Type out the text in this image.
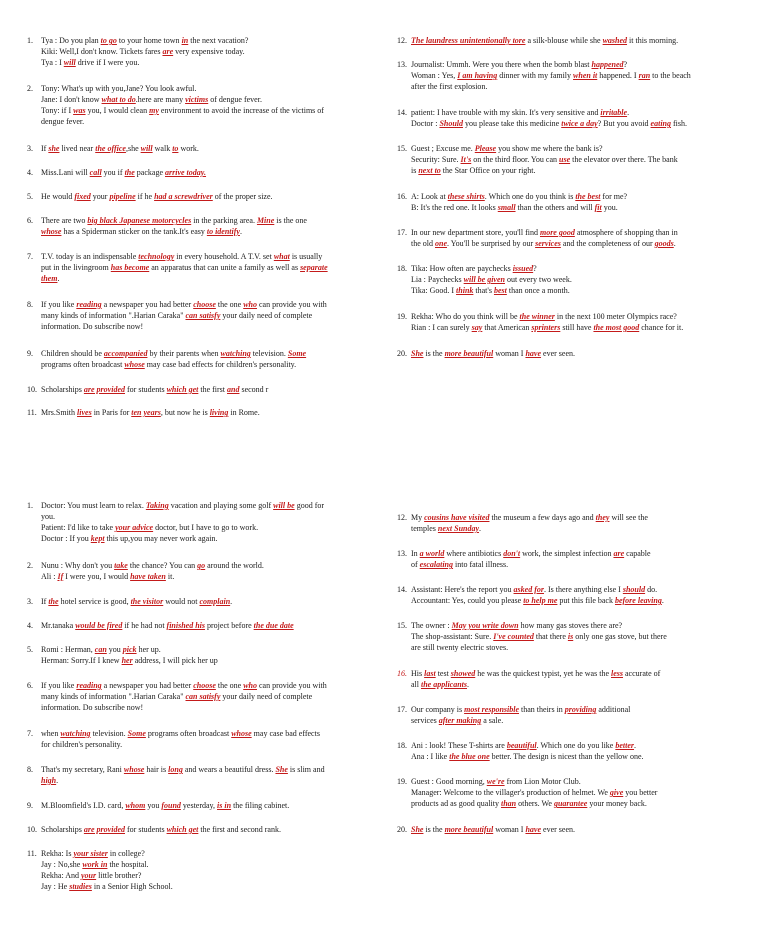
1.	Tya : Do you plan to go to your home town in the next vacation?
Kiki: Well,I don't know. Tickets fares are very expensive today.
Tya : I will drive if I were you.
2.	Tony: What's up with you,Jane? You look awful.
Jane: I don't know what to do.here are many victims of dengue fever.
Tony: if I was you, I would clean my environment to avoid the increase of the victims of
dengue fever.
3.	If she lived near the office,she will walk to work.
4.	Miss.Lani will call you if the package arrive today.
5.	He would fixed your pipeline if he had a screwdriver of the proper size.
6.	There are two big black Japanese motorcycles in the parking area. Mine is the one
whose has a Spiderman sticker on the tank.It's easy to identify.
7.	T.V. today is an indispensable technology in every household. A T.V. set what is usually
put in the livingroom has become an apparatus that can unite a family as well as separate
them.
8.	If you like reading a newspaper you had better choose the one who can provide you with
many kinds of information ".Harian Caraka" can satisfy your daily need of complete
information. Do subscribe now!
9.	Children should be accompanied by their parents when watching television. Some
programs often broadcast whose may case bad effects for children's personality.
10. Scholarships are provided for students which get the first and second r
11. Mrs.Smith lives in Paris for ten years, but now he is living in Rome.
12. The laundress unintentionally tore a silk-blouse while she washed it this morning.
13. Journalist: Ummh. Were you there when the bomb blast happened?
Woman : Yes, I am having dinner with my family when it happened. I ran to the beach
after the first explosion.
14. patient: I have trouble with my skin. It's very sensitive and irritable.
Doctor : Should you please take this medicine twice a day? But you avoid eating fish.
15. Guest ; Excuse me. Please you show me where the bank is?
Security: Sure. It's on the third floor. You can use the elevator over there. The bank
is next to the Star Office on your right.
16. A: Look at these shirts. Which one do you think is the best for me?
B: It's the red one. It looks small than the others and will fit you.
17. In our new department store, you'll find more good atmosphere of shopping than in
the old one. You'll be surprised by our services and the completeness of our goods.
18. Tika: How often are paychecks issued?
Lia : Paychecks will be given out every two week.
Tika: Good. I think that's best than once a month.
19. Rekha: Who do you think will be the winner in the next 100 meter Olympics race?
Rian : I can surely say that American sprinters still have the most good chance for it.
20. She is the more beautiful woman I have ever seen.
1.	Doctor: You must learn to relax. Taking vacation and playing some golf will be good for
you.
Patient: I'd like to take your advice doctor, but I have to go to work.
Doctor : If you kept this up,you may never work again.
2.	Nunu : Why don't you take the chance? You can go around the world.
Ali : If I were you, I would have taken it.
3.	If the hotel service is good, the visitor would not complain.
4.	Mr.tanaka would be fired if he had not finished his project before the due date
5.	Romi : Herman, can you pick her up.
Herman: Sorry.If I knew her address, I will pick her up
6.	If you like reading a newspaper you had better choose the one who can provide you with
many kinds of information ".Harian Caraka" can satisfy your daily need of complete
information. Do subscribe now!
7.	when watching television. Some programs often broadcast whose may case bad effects
for children's personality.
8.	That's my secretary, Rani whose hair is long and wears a beautiful dress. She is slim and
high.
9.	M.Bloomfield's I.D. card, whom you found yesterday, is in the filing cabinet.
10. Scholarships are provided for students which get the first and second rank.
11. Rekha: Is your sister in college?
Jay : No,she work in the hospital.
Rekha: And your little brother?
Jay : He studies in a Senior High School.
12. My cousins have visited the museum a few days ago and they will see the
temples next Sunday.
13. In a world where antibiotics don't work, the simplest infection are capable
of escalating into fatal illness.
14. Assistant: Here's the report you asked for. Is there anything else I should do.
Accountant: Yes, could you please to help me put this file back before leaving.
15. The owner : May you write down how many gas stoves there are?
The shop-assistant: Sure. I've counted that there is only one gas stove, but there
are still twenty electric stoves.
16. His last test showed he was the quickest typist, yet he was the less accurate of
all the applicants.
17. Our company is most responsible than theirs in providing additional
services after making a sale.
18. Ani : look! These T-shirts are beautiful. Which one do you like better.
Ana : I like the blue one better. The design is nicest than the yellow one.
19. Guest : Good morning, we're from Lion Motor Club.
Manager: Welcome to the villager's production of helmet. We give you better
products ad as good quality than others. We guarantee your money back.
20. She is the more beautiful woman I have ever seen.
